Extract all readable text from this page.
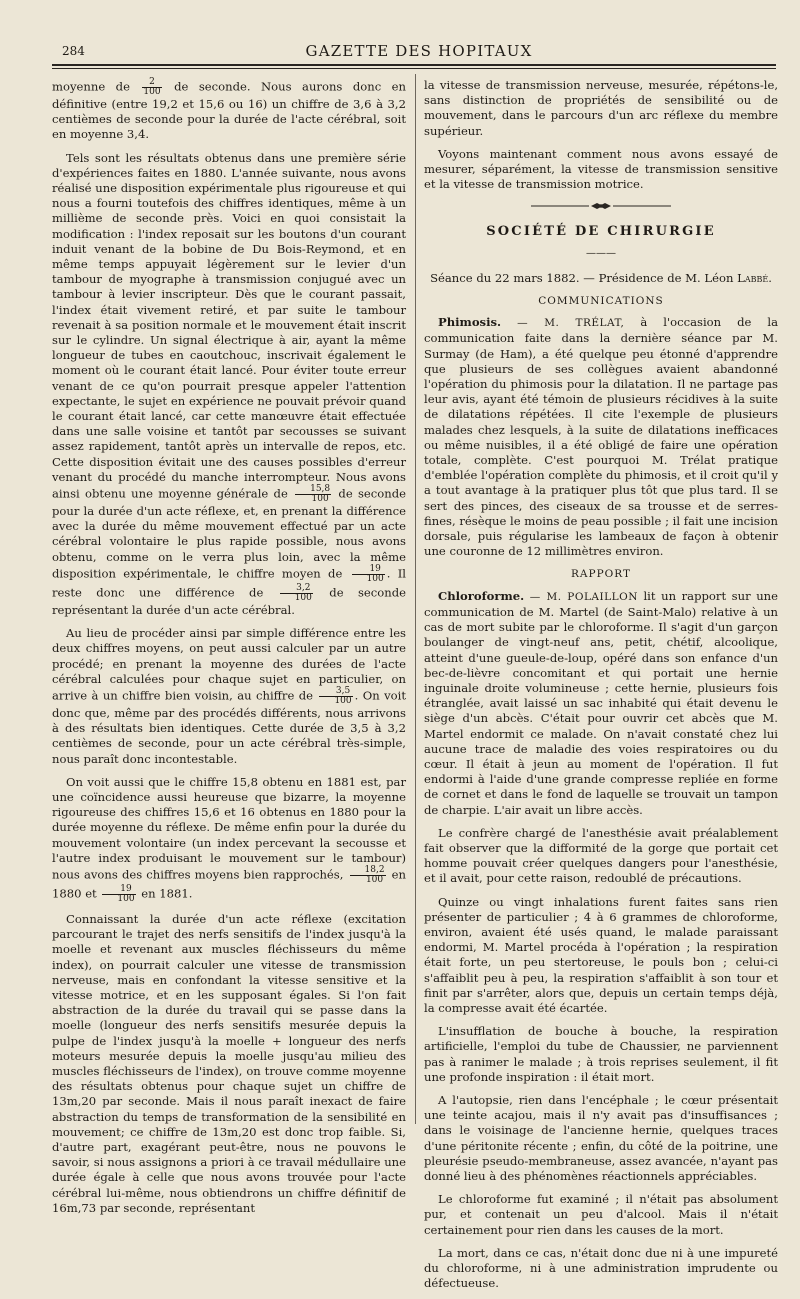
284	GAZETTE DES HOPITAUX

moyenne de $\frac{2}{100}$ de seconde. Nous aurons donc en définitive (entre 19,2 et 15,6 ou 16) un chiffre de 3,6 à 3,2 centièmes de seconde pour la durée de l'acte cérébral, soit en moyenne 3,4.

Tels sont les résultats obtenus dans une première série d'expériences faites en 1880. L'année suivante, nous avons réalisé une disposition expérimentale plus rigoureuse et qui nous a fourni toutefois des chiffres identiques, même à un millième de seconde près. Voici en quoi consistait la modification : l'index reposait sur les boutons d'un courant induit venant de la bobine de Du Bois-Reymond, et en même temps appuyait légèrement sur le levier d'un tambour de myographe à transmission conjugué avec un tambour à levier inscripteur. Dès que le courant passait, l'index était vivement retiré, et par suite le tambour revenait à sa position normale et le mouvement était inscrit sur le cylindre. Un signal électrique à air, ayant la même longueur de tubes en caoutchouc, inscrivait également le moment où le courant était lancé. Pour éviter toute erreur venant de ce qu'on pourrait presque appeler l'attention expectante, le sujet en expérience ne pouvait prévoir quand le courant était lancé, car cette manœuvre était effectuée dans une salle voisine et tantôt par secousses se suivant assez rapidement, tantôt après un intervalle de repos, etc. Cette disposition évitait une des causes possibles d'erreur venant du procédé du manche interrompteur. Nous avons ainsi obtenu une moyenne générale de $\frac{15,8}{100}$ de seconde pour la durée d'un acte réflexe, et, en prenant la différence avec la durée du même mouvement effectué par un acte cérébral volontaire le plus rapide possible, nous avons obtenu, comme on le verra plus loin, avec la même disposition expérimentale, le chiffre moyen de $\frac{19}{100}$ . Il reste donc une différence de $\frac{3,2}{100}$ de seconde représentant la durée d'un acte cérébral.

Au lieu de procéder ainsi par simple différence entre les deux chiffres moyens, on peut aussi calculer par un autre procédé; en prenant la moyenne des durées de l'acte cérébral calculées pour chaque sujet en particulier, on arrive à un chiffre bien voisin, au chiffre de $\frac{3,5}{100}$ . On voit donc que, même par des procédés différents, nous arrivons à des résultats bien identiques. Cette durée de 3,5 à 3,2 centièmes de seconde, pour un acte cérébral très-simple, nous paraît donc incontestable.

On voit aussi que le chiffre 15,8 obtenu en 1881 est, par une coïncidence aussi heureuse que bizarre, la moyenne rigoureuse des chiffres 15,6 et 16 obtenus en 1880 pour la durée moyenne du réflexe. De même enfin pour la durée du mouvement volontaire (un index percevant la secousse et l'autre index produisant le mouvement sur le tambour) nous avons des chiffres moyens bien rapprochés, $\frac{18,2}{100}$ en 1880 et $\frac{19}{100}$ en 1881.

Connaissant la durée d'un acte réflexe (excitation parcourant le trajet des nerfs sensitifs de l'index jusqu'à la moelle et revenant aux muscles fléchisseurs du même index), on pourrait calculer une vitesse de transmission nerveuse, mais en confondant la vitesse sensitive et la vitesse motrice, et en les supposant égales. Si l'on fait abstraction de la durée du travail qui se passe dans la moelle (longueur des nerfs sensitifs mesurée depuis la pulpe de l'index jusqu'à la moelle + longueur des nerfs moteurs mesurée depuis la moelle jusqu'au milieu des muscles fléchisseurs de l'index), on trouve comme moyenne des résultats obtenus pour chaque sujet un chiffre de 13m,20 par seconde. Mais il nous paraît inexact de faire abstraction du temps de transformation de la sensibilité en mouvement; ce chiffre de 13m,20 est donc trop faible. Si, d'autre part, exagérant peut-être, nous ne pouvons le savoir, si nous assignons a priori à ce travail médullaire une durée égale à celle que nous avons trouvée pour l'acte cérébral lui-même, nous obtiendrons un chiffre définitif de 16m,73 par seconde, représentant

la vitesse de transmission nerveuse, mesurée, répétons-le, sans distinction de propriétés de sensibilité ou de mouvement, dans le parcours d'un arc réflexe du membre supérieur.

Voyons maintenant comment nous avons essayé de mesurer, séparément, la vitesse de transmission sensitive et la vitesse de transmission motrice.

SOCIÉTÉ DE CHIRURGIE
———
Séance du 22 mars 1882. — Présidence de M. Léon Labbé.
COMMUNICATIONS

Phimosis. — M. TRÉLAT, à l'occasion de la communication faite dans la dernière séance par M. Surmay (de Ham), a été quelque peu étonné d'apprendre que plusieurs de ses collègues avaient abandonné l'opération du phimosis pour la dilatation. Il ne partage pas leur avis, ayant été témoin de plusieurs récidives à la suite de dilatations répétées. Il cite l'exemple de plusieurs malades chez lesquels, à la suite de dilatations inefficaces ou même nuisibles, il a été obligé de faire une opération totale, complète. C'est pourquoi M. Trélat pratique d'emblée l'opération complète du phimosis, et il croit qu'il y a tout avantage à la pratiquer plus tôt que plus tard. Il se sert des pinces, des ciseaux de sa trousse et de serres-fines, résèque le moins de peau possible ; il fait une incision dorsale, puis régularise les lambeaux de façon à obtenir une couronne de 12 millimètres environ.

RAPPORT

Chloroforme. — M. POLAILLON lit un rapport sur une communication de M. Martel (de Saint-Malo) relative à un cas de mort subite par le chloroforme. Il s'agit d'un garçon boulanger de vingt-neuf ans, petit, chétif, alcoolique, atteint d'une gueule-de-loup, opéré dans son enfance d'un bec-de-lièvre concomitant et qui portait une hernie inguinale droite volumineuse ; cette hernie, plusieurs fois étranglée, avait laissé un sac inhabité qui était devenu le siège d'un abcès. C'était pour ouvrir cet abcès que M. Martel endormit ce malade. On n'avait constaté chez lui aucune trace de maladie des voies respiratoires ou du cœur. Il était à jeun au moment de l'opération. Il fut endormi à l'aide d'une grande compresse repliée en forme de cornet et dans le fond de laquelle se trouvait un tampon de charpie. L'air avait un libre accès.

Le confrère chargé de l'anesthésie avait préalablement fait observer que la difformité de la gorge que portait cet homme pouvait créer quelques dangers pour l'anesthésie, et il avait, pour cette raison, redoublé de précautions.

Quinze ou vingt inhalations furent faites sans rien présenter de particulier ; 4 à 6 grammes de chloroforme, environ, avaient été usés quand, le malade paraissant endormi, M. Martel procéda à l'opération ; la respiration était forte, un peu stertoreuse, le pouls bon ; celui-ci s'affaiblit peu à peu, la respiration s'affaiblit à son tour et finit par s'arrêter, alors que, depuis un certain temps déjà, la compresse avait été écartée.

L'insufflation de bouche à bouche, la respiration artificielle, l'emploi du tube de Chaussier, ne parviennent pas à ranimer le malade ; à trois reprises seulement, il fit une profonde inspiration : il était mort.

A l'autopsie, rien dans l'encéphale ; le cœur présentait une teinte acajou, mais il n'y avait pas d'insuffisances ; dans le voisinage de l'ancienne hernie, quelques traces d'une péritonite récente ; enfin, du côté de la poitrine, une pleurésie pseudo-membraneuse, assez avancée, n'ayant pas donné lieu à des phénomènes réactionnels appréciables.

Le chloroforme fut examiné ; il n'était pas absolument pur, et contenait un peu d'alcool. Mais il n'était certainement pour rien dans les causes de la mort.

La mort, dans ce cas, n'était donc due ni à une impureté du chloroforme, ni à une administration imprudente ou défectueuse.
